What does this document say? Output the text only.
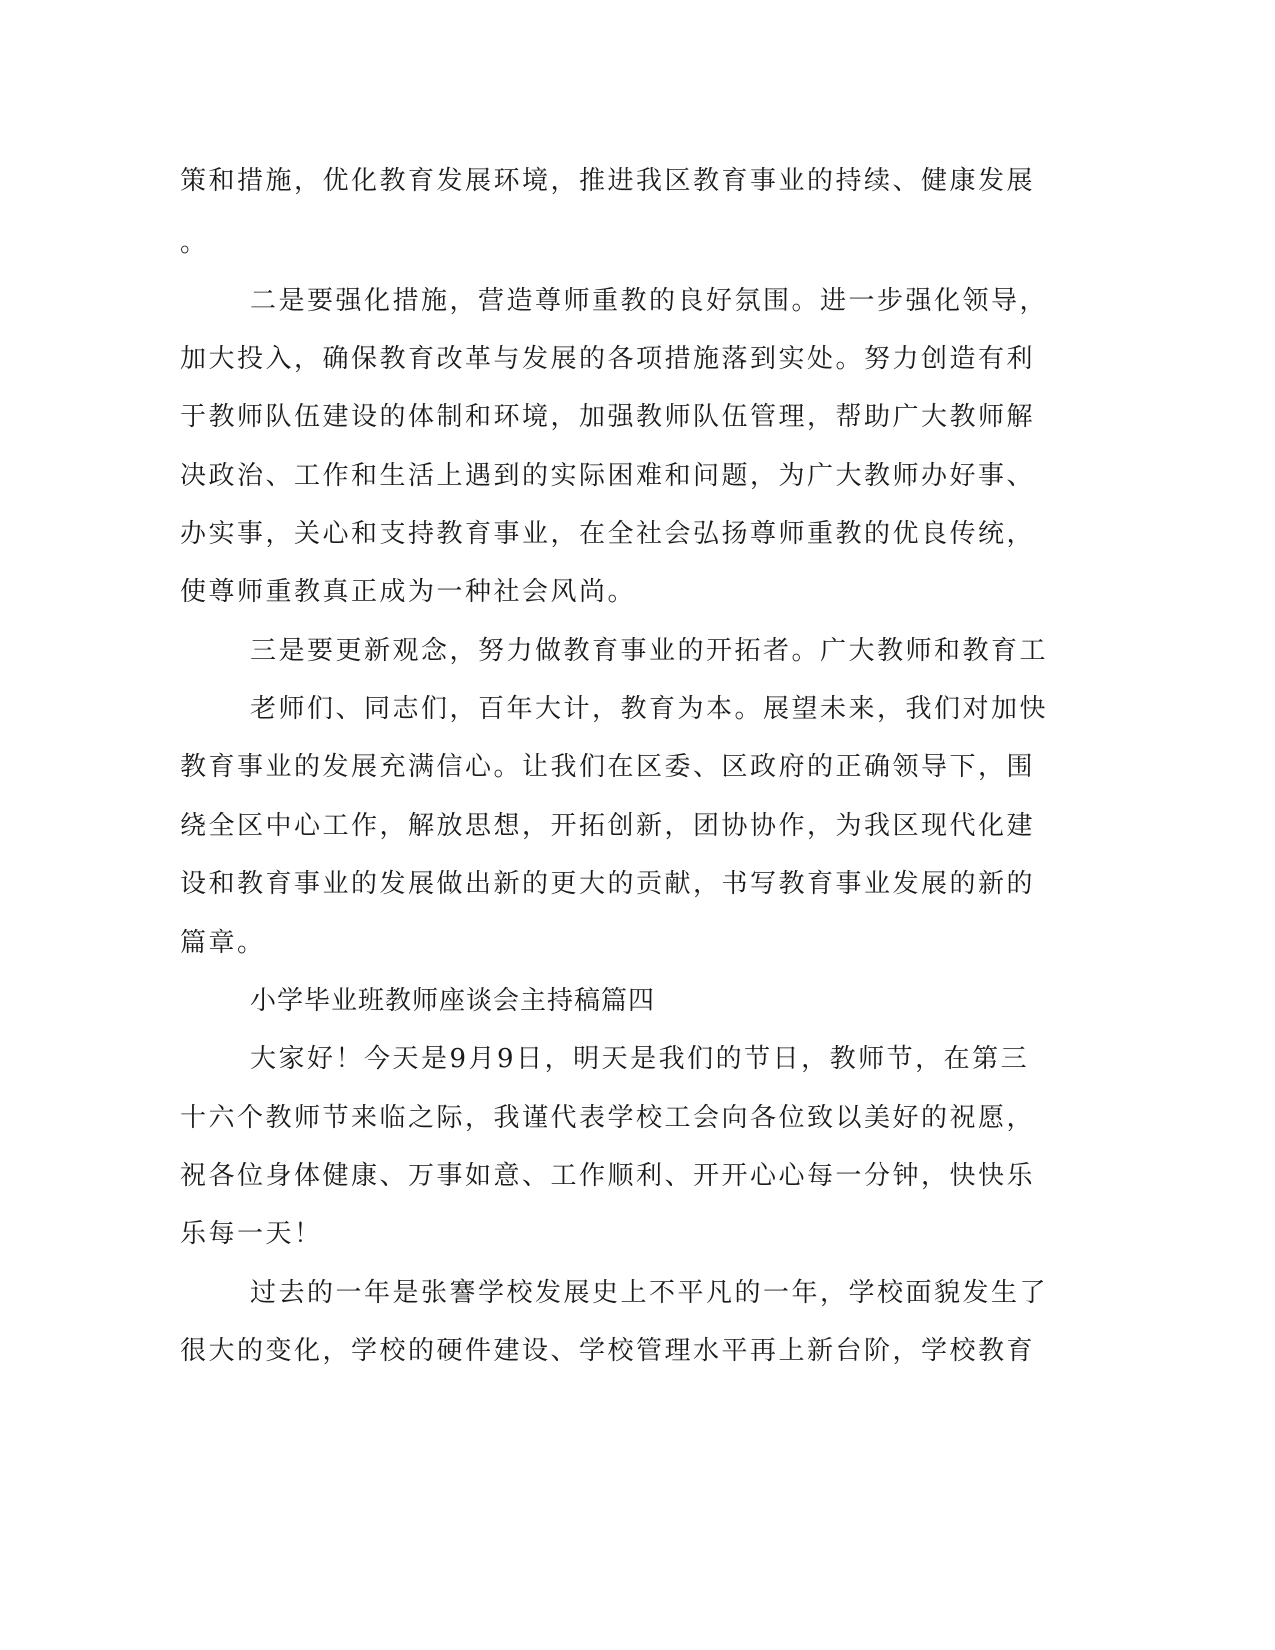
策和措施，优化教育发展环境，推进我区教育事业的持续、健康发展
。
二是要强化措施，营造尊师重教的良好氛围。进一步强化领导，
加大投入，确保教育改革与发展的各项措施落到实处。努力创造有利
于教师队伍建设的体制和环境，加强教师队伍管理，帮助广大教师解
决政治、工作和生活上遇到的实际困难和问题，为广大教师办好事、
办实事，关心和支持教育事业，在全社会弘扬尊师重教的优良传统，
使尊师重教真正成为一种社会风尚。
三是要更新观念，努力做教育事业的开拓者。广大教师和教育工
老师们、同志们，百年大计，教育为本。展望未来，我们对加快
教育事业的发展充满信心。让我们在区委、区政府的正确领导下，围
绕全区中心工作，解放思想，开拓创新，团协协作，为我区现代化建
设和教育事业的发展做出新的更大的贡献，书写教育事业发展的新的
篇章。
小学毕业班教师座谈会主持稿篇四
大家好！今天是9月9日，明天是我们的节日，教师节，在第三
十六个教师节来临之际，我谨代表学校工会向各位致以美好的祝愿，
祝各位身体健康、万事如意、工作顺利、开开心心每一分钟，快快乐
乐每一天！
过去的一年是张謇学校发展史上不平凡的一年，学校面貌发生了
很大的变化，学校的硬件建设、学校管理水平再上新台阶，学校教育
